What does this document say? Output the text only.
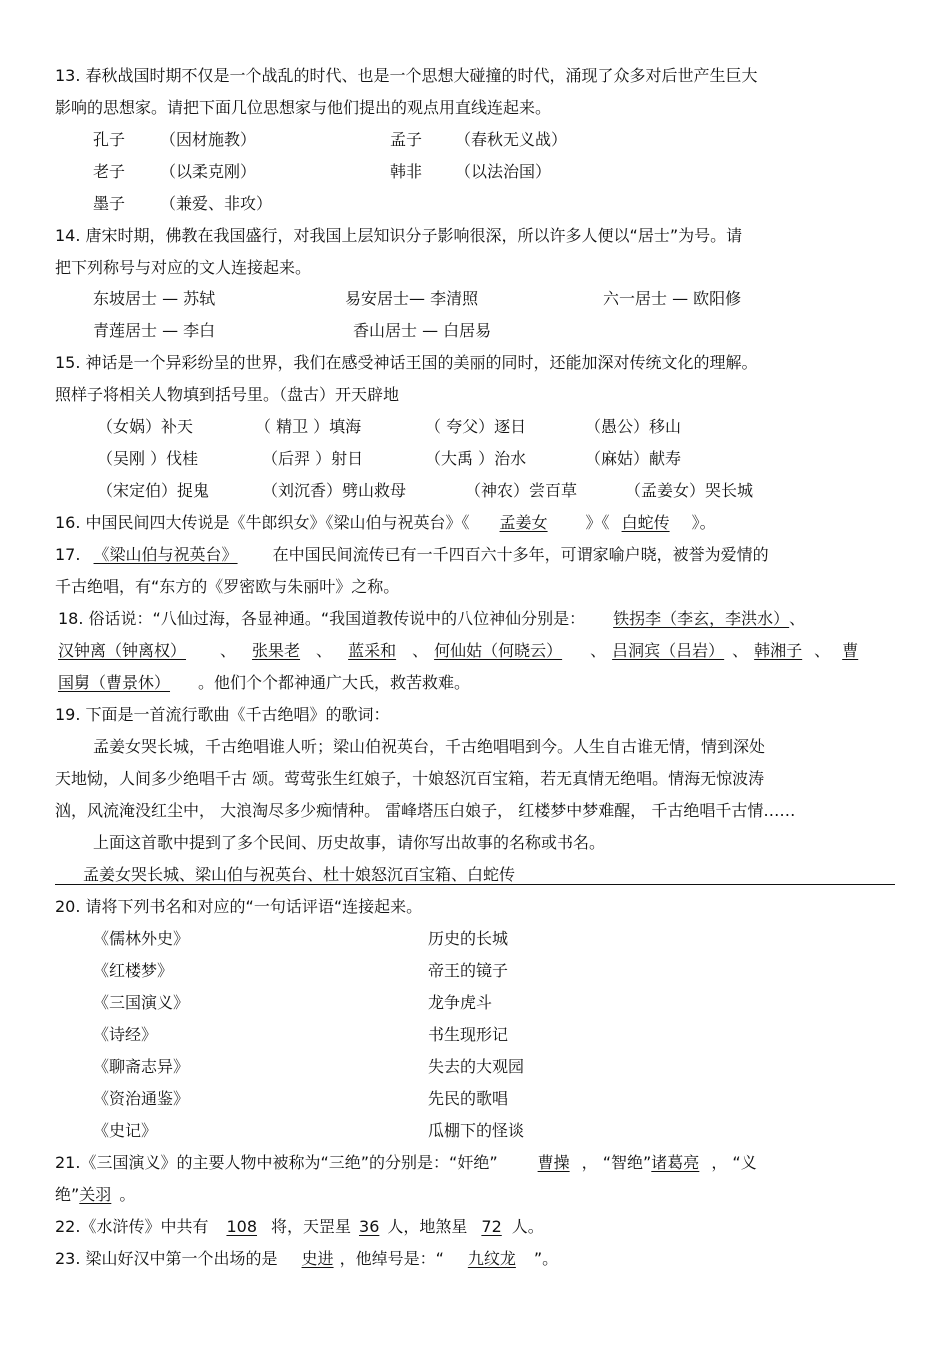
13. 春秋战国时期不仅是一个战乱的时代、也是一个思想大碰撞的时代，涌现了众多对后世产生巨大
影响的思想家。请把下面几位思想家与他们提出的观点用直线连起来。
孔子 （因材施教）	孟子 （春秋无义战）
老子 （以柔克刚）	韩非 （以法治国）
墨子 （兼爱、非攻）
14. 唐宋时期，佛教在我国盛行，对我国上层知识分子影响很深，所以许多人便以“居士”为号。请
把下列称号与对应的文人连接起来。
东坡居士 — 苏轼	易安居士— 李清照	六一居士 — 欧阳修
青莲居士 — 李白	香山居士 — 白居易
15. 神话是一个异彩纷呈的世界，我们在感受神话王国的美丽的同时，还能加深对传统文化的理解。
照样子将相关人物填到括号里。（盘古）开天辟地
（女娲）补天	（ 精卫 ）填海	（ 夸父）逐日	（愚公）移山
（吴刚 ）伐桂	（后羿 ）射日	（大禹 ）治水	（麻姑）献寿
（宋定伯）捉鬼	（刘沉香）劈山救母	（神农）尝百草	（孟姜女）哭长城
16. 中国民间四大传说是《牛郎织女》《梁山伯与祝英台》《 孟姜女 》《 白蛇传 》。
17. 《梁山伯与祝英台》 在中国民间流传已有一千四百六十多年，可谓家喻户晓，被誉为爱情的
千古绝唱，有“东方的《罗密欧与朱丽叶》之称。
18. 俗话说：“八仙过海，各显神通。“我国道教传说中的八位神仙分别是： 铁拐李（李玄，李洪水）、
汉钟离（钟离权） 、 张果老 、 蓝采和 、 何仙姑（何晓云） 、 吕洞宾（吕岩） 、 韩湘子 、 曹
国舅（曹景休） 。他们个个都神通广大氏，救苦救难。
19. 下面是一首流行歌曲《千古绝唱》的歌词：
孟姜女哭长城，千古绝唱谁人听；梁山伯祝英台，千古绝唱唱到今。人生自古谁无情，情到深处
天地恸，人间多少绝唱千古 颂。莺莺张生红娘子，十娘怒沉百宝箱，若无真情无绝唱。情海无惊波涛
汹，风流淹没红尘中， 大浪淘尽多少痴情种。 雷峰塔压白娘子， 红楼梦中梦难醒， 千古绝唱千古情……
上面这首歌中提到了多个民间、历史故事，请你写出故事的名称或书名。
孟姜女哭长城、梁山伯与祝英台、杜十娘怒沉百宝箱、白蛇传
20. 请将下列书名和对应的“一句话评语“连接起来。
《儒林外史》	历史的长城
《红楼梦》	帝王的镜子
《三国演义》	龙争虎斗
《诗经》	书生现形记
《聊斋志异》	失去的大观园
《资治通鉴》	先民的歌唱
《史记》	瓜棚下的怪谈
21.《三国演义》的主要人物中被称为“三绝”的分别是：“奸绝”	曹操 ， “智绝”诸葛亮 ， “义
绝”关羽 。
22.《水浒传》中共有 108 将，天罡星 36 人，地煞星 72 人。
23. 梁山好汉中第一个出场的是 史进 ，他绰号是：“ 九纹龙 ”。
